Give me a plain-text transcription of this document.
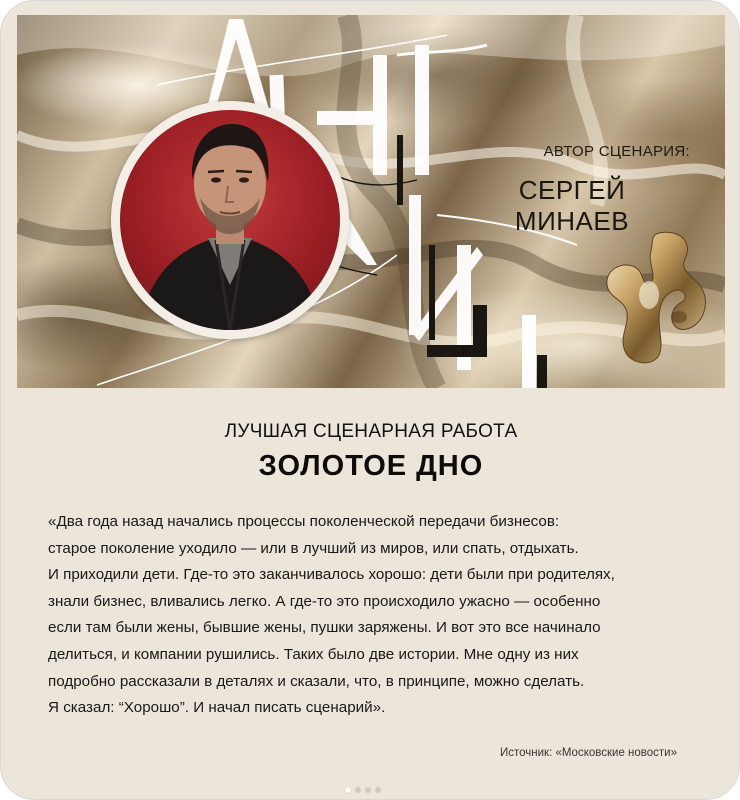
АВТОР СЦЕНАРИЯ:
СЕРГЕЙ МИНАЕВ
ЛУЧШАЯ СЦЕНАРНАЯ РАБОТА
ЗОЛОТОЕ ДНО
«Два года назад начались процессы поколенческой передачи бизнесов:
старое поколение уходило — или в лучший из миров, или спать, отдыхать.
И приходили дети. Где-то это заканчивалось хорошо: дети были при родителях,
знали бизнес, вливались легко. А где-то это происходило ужасно — особенно
если там были жены, бывшие жены, пушки заряжены. И вот это все начинало
делиться, и компании рушились. Таких было две истории. Мне одну из них
подробно рассказали в деталях и сказали, что, в принципе, можно сделать.
Я сказал: “Хорошо”. И начал писать сценарий».
Источник: «Московские новости»
